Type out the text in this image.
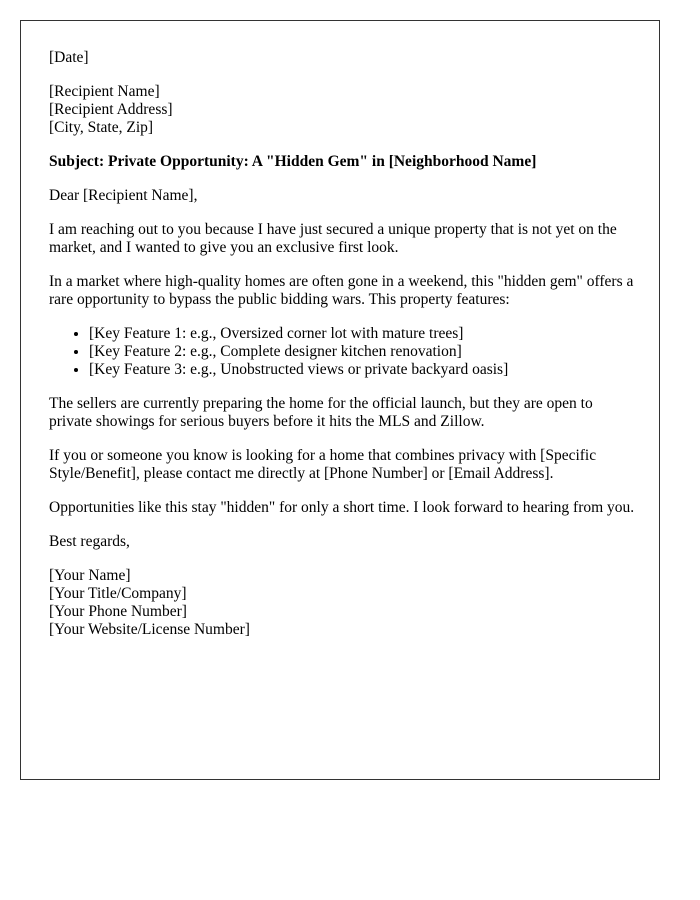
[Date]

[Recipient Name]
[Recipient Address]
[City, State, Zip]

Subject: Private Opportunity: A "Hidden Gem" in [Neighborhood Name]

Dear [Recipient Name],

I am reaching out to you because I have just secured a unique property that is not yet on the market, and I wanted to give you an exclusive first look.

In a market where high-quality homes are often gone in a weekend, this "hidden gem" offers a rare opportunity to bypass the public bidding wars. This property features:

• [Key Feature 1: e.g., Oversized corner lot with mature trees]
• [Key Feature 2: e.g., Complete designer kitchen renovation]
• [Key Feature 3: e.g., Unobstructed views or private backyard oasis]

The sellers are currently preparing the home for the official launch, but they are open to private showings for serious buyers before it hits the MLS and Zillow.

If you or someone you know is looking for a home that combines privacy with [Specific Style/Benefit], please contact me directly at [Phone Number] or [Email Address].

Opportunities like this stay "hidden" for only a short time. I look forward to hearing from you.

Best regards,

[Your Name]
[Your Title/Company]
[Your Phone Number]
[Your Website/License Number]
